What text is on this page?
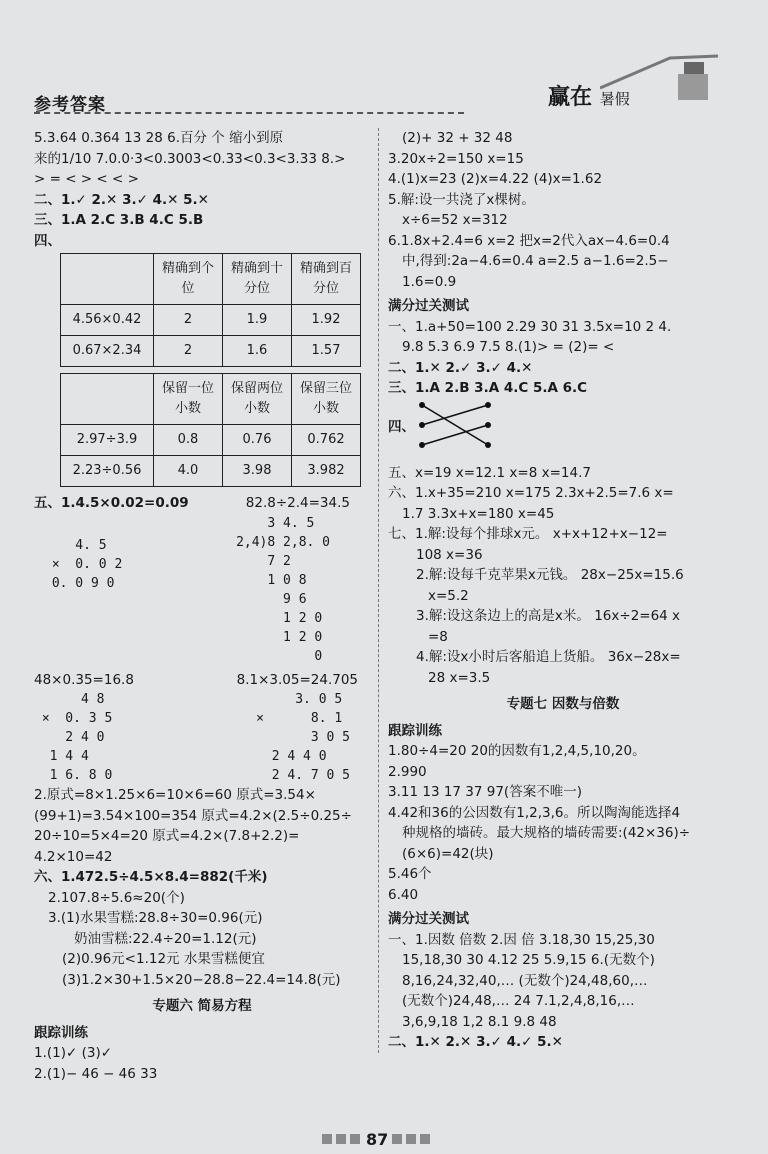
参考答案	赢在 暑假
5.3.64 0.364 13 28 6.百分 个 缩小到原
来的1/10 7.0.0·3<0.3003<0.33<0.3̇<3.33 8.>
> = < > < < >
二、1.✓ 2.✕ 3.✓ 4.✕ 5.✕
三、1.A 2.C 3.B 4.C 5.B
四、
	精确到个位	精确到十分位	精确到百分位
4.56×0.42	2	1.9	1.92
0.67×2.34	2	1.6	1.57
	保留一位小数	保留两位小数	保留三位小数
2.97÷3.9	0.8	0.76	0.762
2.23÷0.56	4.0	3.98	3.982
五、1.4.5×0.02=0.09	82.8÷2.4=34.5
4. 5
×  0. 0 2
0. 0 9 0
3 4. 5
2,4)8 2,8. 0
7 2
1 0 8
9 6
1 2 0
1 2 0
0
48×0.35=16.8	8.1×3.05=24.705
4 8
×  0. 3 5
2 4 0
1 4 4
1 6. 8 0
3. 0 5
×      8. 1
3 0 5
2 4 4 0
2 4. 7 0 5
2.原式=8×1.25×6=10×6=60 原式=3.54×
(99+1)=3.54×100=354 原式=4.2×(2.5÷0.25÷
20÷10=5×4=20 原式=4.2×(7.8+2.2)=
4.2×10=42
六、1.472.5÷4.5×8.4=882(千米)
2.107.8÷5.6≈20(个)
3.(1)水果雪糕:28.8÷30=0.96(元)
奶油雪糕:22.4÷20=1.12(元)
(2)0.96元<1.12元 水果雪糕便宜
(3)1.2×30+1.5×20−28.8−22.4=14.8(元)
专题六 简易方程
跟踪训练
1.(1)✓ (3)✓
2.(1)− 46 − 46 33
(2)+ 32 + 32 48
3.20x÷2=150 x=15
4.(1)x=23 (2)x=4.22 (4)x=1.62
5.解:设一共浇了x棵树。
x÷6=52 x=312
6.1.8x+2.4=6 x=2 把x=2代入ax−4.6=0.4
中,得到:2a−4.6=0.4 a=2.5 a−1.6=2.5−
1.6=0.9
满分过关测试
一、1.a+50=100 2.29 30 31 3.5x=10 2 4.
9.8 5.3 6.9 7.5 8.(1)> = (2)= <
二、1.✕ 2.✓ 3.✓ 4.✕
三、1.A 2.B 3.A 4.C 5.A 6.C
四、
五、x=19 x=12.1 x=8 x=14.7
六、1.x+35=210 x=175 2.3x+2.5=7.6 x=
1.7 3.3x+x=180 x=45
七、1.解:设每个排球x元。 x+x+12+x−12=
108 x=36
2.解:设每千克苹果x元钱。 28x−25x=15.6
x=5.2
3.解:设这条边上的高是x米。 16x÷2=64 x
=8
4.解:设x小时后客船追上货船。 36x−28x=
28 x=3.5
专题七 因数与倍数
跟踪训练
1.80÷4=20 20的因数有1,2,4,5,10,20。
2.990
3.11 13 17 37 97(答案不唯一)
4.42和36的公因数有1,2,3,6。所以陶淘能选择4
种规格的墙砖。最大规格的墙砖需要:(42×36)÷
(6×6)=42(块)
5.46个
6.40
满分过关测试
一、1.因数 倍数 2.因 倍 3.18,30 15,25,30
15,18,30 30 4.12 25 5.9,15 6.(无数个)
8,16,24,32,40,… (无数个)24,48,60,…
(无数个)24,48,… 24 7.1,2,4,8,16,…
3,6,9,18 1,2 8.1 9.8 48
二、1.✕ 2.✕ 3.✓ 4.✓ 5.✕
87
